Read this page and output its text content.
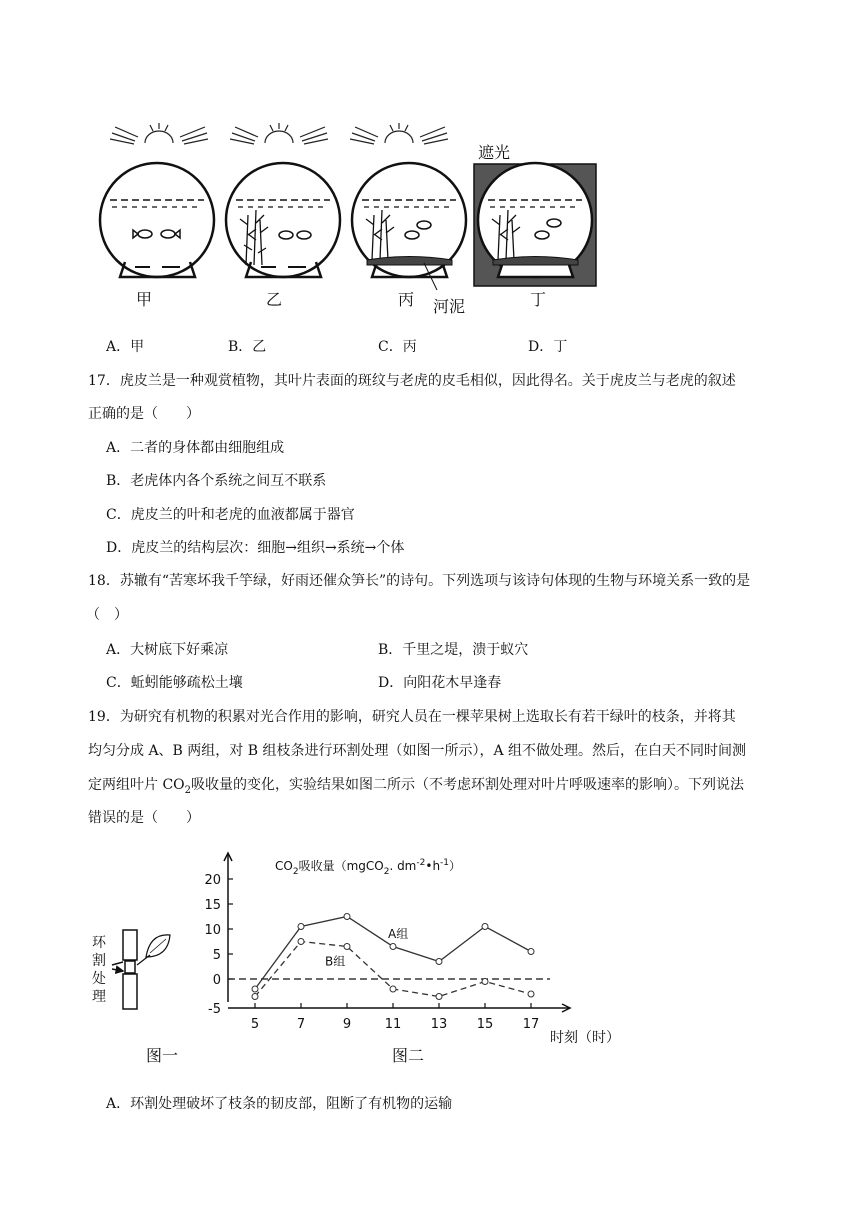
遮光
甲	乙	丙 河泥	丁
A．甲	B．乙	C．丙	D．丁
17．虎皮兰是一种观赏植物，其叶片表面的斑纹与老虎的皮毛相似，因此得名。关于虎皮兰与老虎的叙述
正确的是（　　）
A．二者的身体都由细胞组成
B．老虎体内各个系统之间互不联系
C．虎皮兰的叶和老虎的血液都属于器官
D．虎皮兰的结构层次：细胞→组织→系统→个体
18．苏辙有“苦寒坏我千竽绿，好雨还催众笋长”的诗句。下列选项与该诗句体现的生物与环境关系一致的是
（　）
A．大树底下好乘凉	B．千里之堤，溃于蚁穴
C．蚯蚓能够疏松土壤	D．向阳花木早逢春
19．为研究有机物的积累对光合作用的影响，研究人员在一棵苹果树上选取长有若干绿叶的枝条，并将其
均匀分成 A、B 两组，对 B 组枝条进行环割处理（如图一所示），A 组不做处理。然后，在白天不同时间测
定两组叶片 $CO_2$吸收量的变化，实验结果如图二所示（不考虑环割处理对叶片呼吸速率的影响）。下列说法
错误的是（　　）
环割处理
图一
20
15
10
5
0
-5
5	7	9	11 13 15 17
A组
B组
$CO_2$吸收量（mgCO$_2$. $dm^{-2}•h^{-1}$）
时刻（时）
图二
A．环割处理破坏了枝条的韧皮部，阻断了有机物的运输
